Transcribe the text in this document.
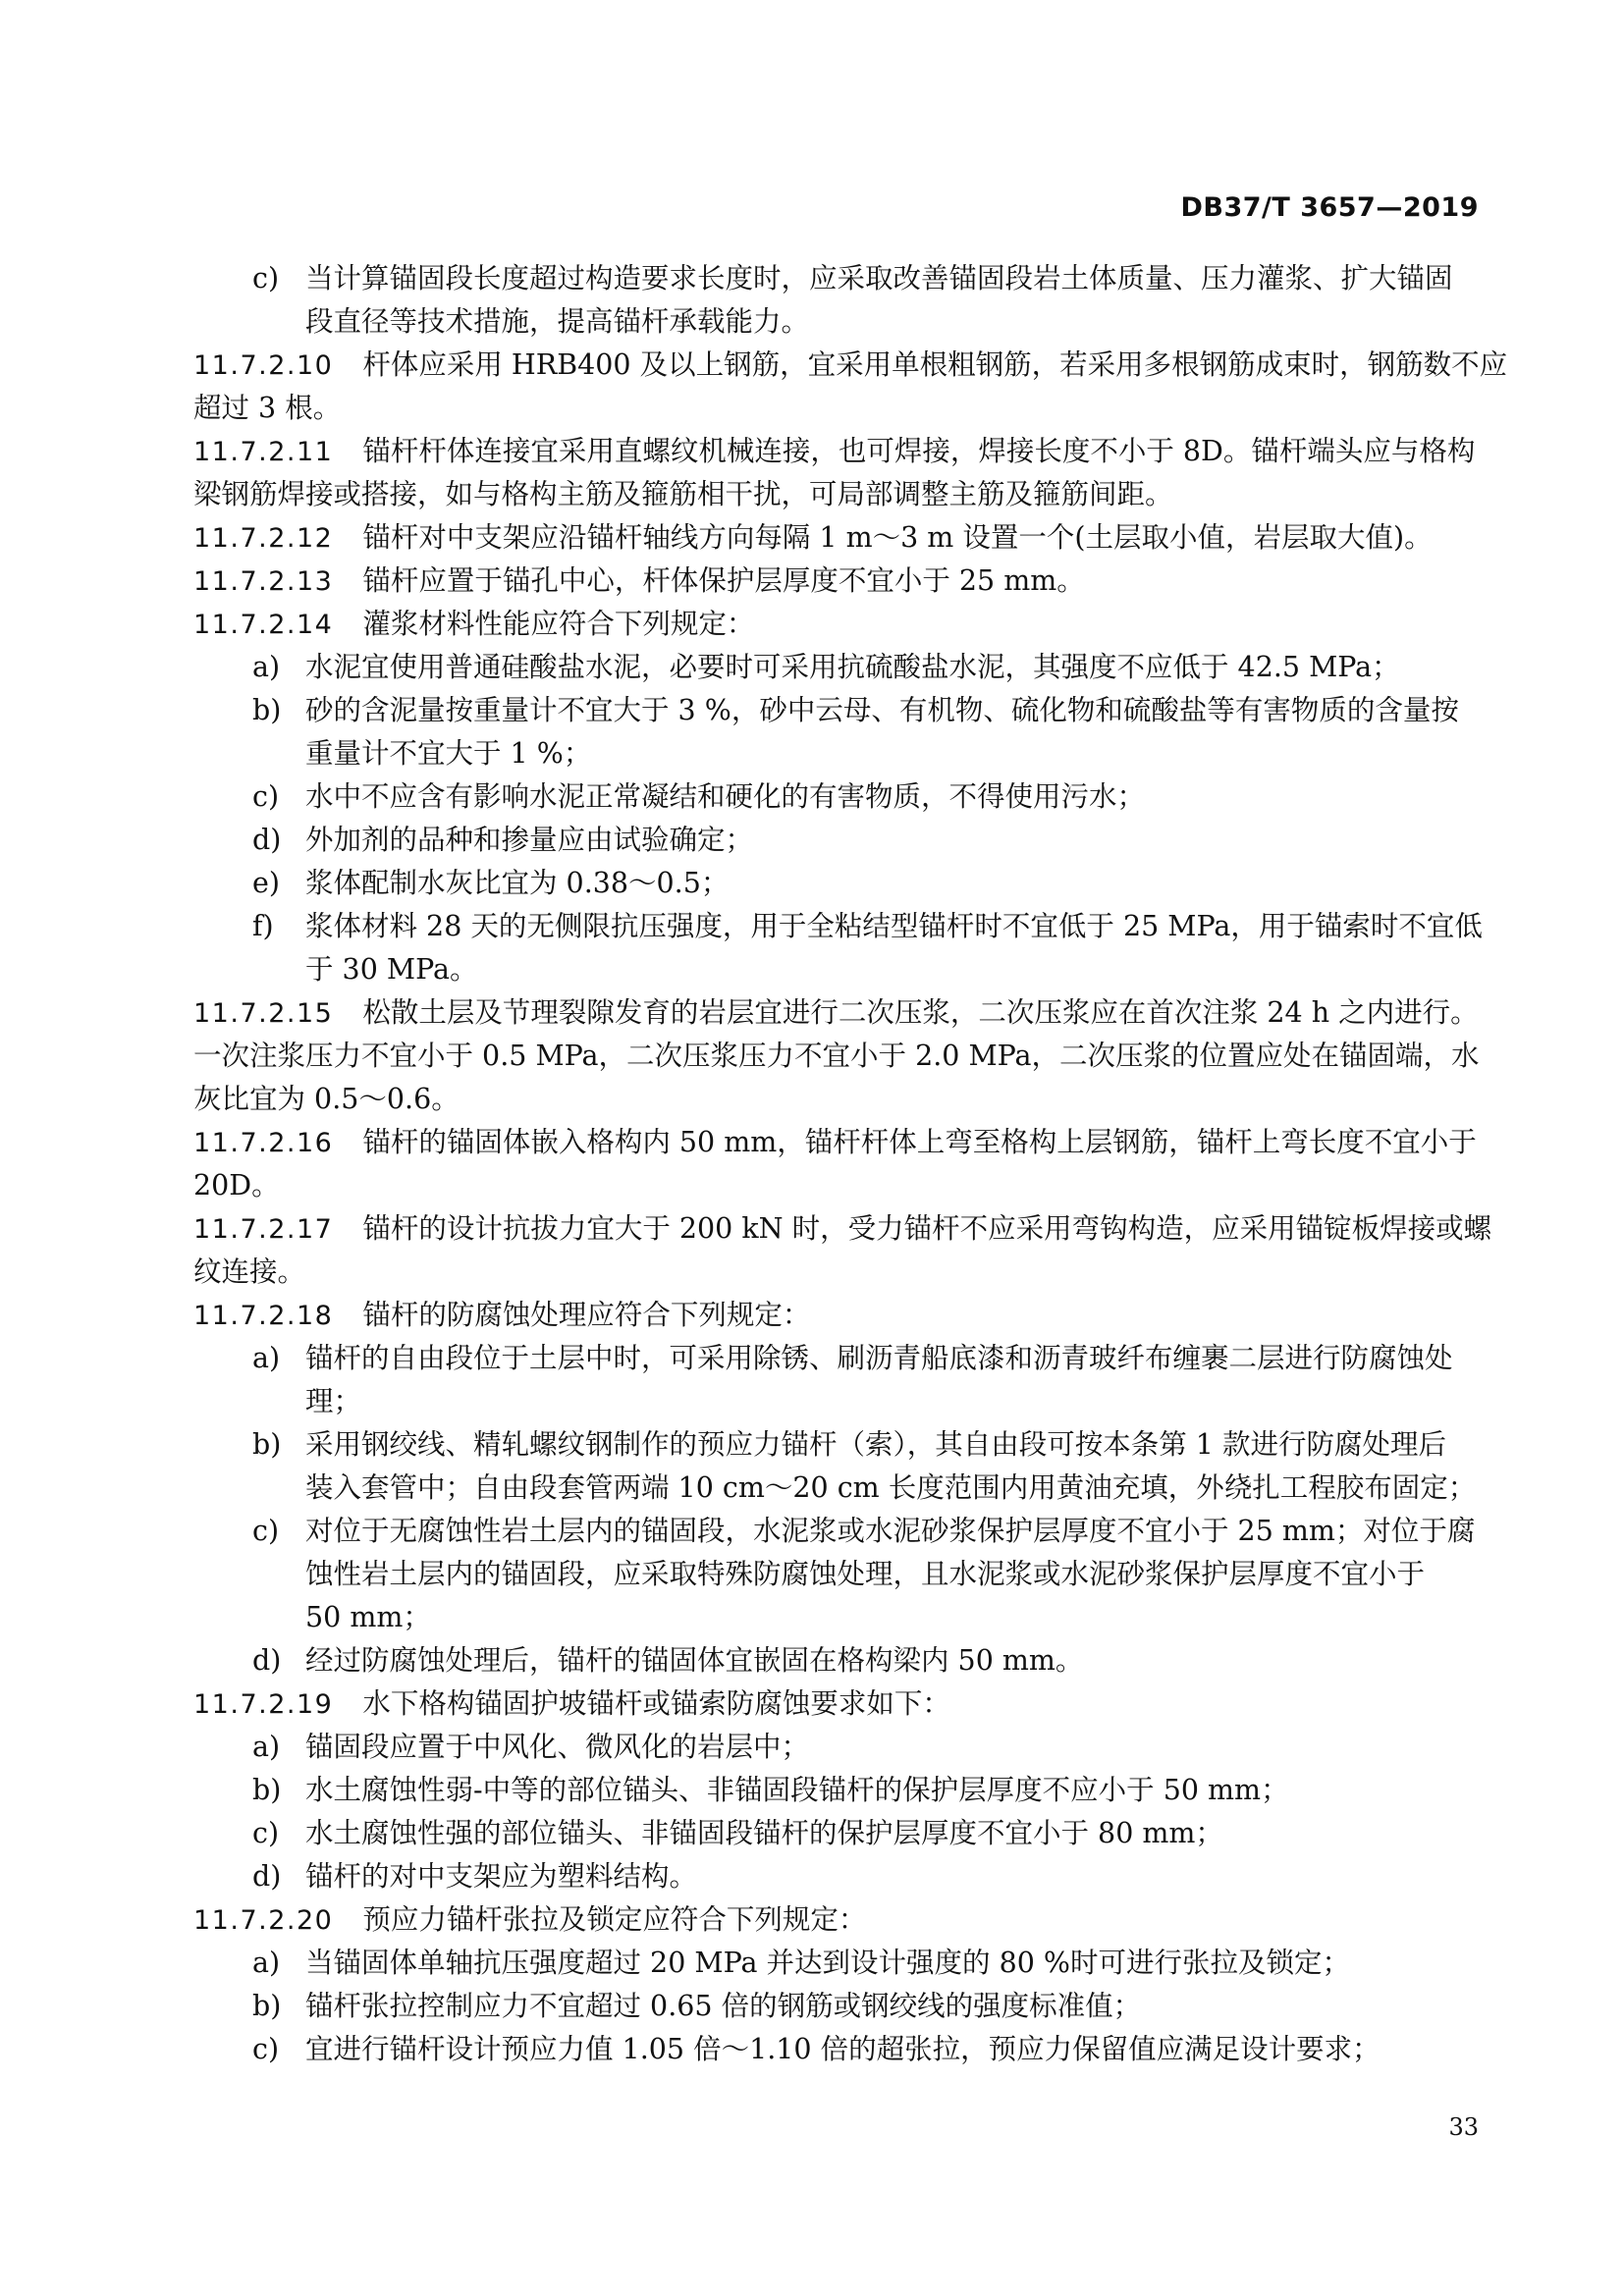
DB37/T 3657—2019
c) 当计算锚固段长度超过构造要求长度时，应采取改善锚固段岩土体质量、压力灌浆、扩大锚固
段直径等技术措施，提高锚杆承载能力。
11.7.2.10 杆体应采用 HRB400 及以上钢筋，宜采用单根粗钢筋，若采用多根钢筋成束时，钢筋数不应
超过 3 根。
11.7.2.11 锚杆杆体连接宜采用直螺纹机械连接，也可焊接，焊接长度不小于 8D。锚杆端头应与格构
梁钢筋焊接或搭接，如与格构主筋及箍筋相干扰，可局部调整主筋及箍筋间距。
11.7.2.12 锚杆对中支架应沿锚杆轴线方向每隔 1 m～3 m 设置一个(土层取小值，岩层取大值)。
11.7.2.13 锚杆应置于锚孔中心，杆体保护层厚度不宜小于 25 mm。
11.7.2.14 灌浆材料性能应符合下列规定：
a) 水泥宜使用普通硅酸盐水泥，必要时可采用抗硫酸盐水泥，其强度不应低于 42.5 MPa；
b) 砂的含泥量按重量计不宜大于 3 %，砂中云母、有机物、硫化物和硫酸盐等有害物质的含量按
重量计不宜大于 1 %；
c) 水中不应含有影响水泥正常凝结和硬化的有害物质，不得使用污水；
d) 外加剂的品种和掺量应由试验确定；
e) 浆体配制水灰比宜为 0.38～0.5；
f) 浆体材料 28 天的无侧限抗压强度，用于全粘结型锚杆时不宜低于 25 MPa，用于锚索时不宜低
于 30 MPa。
11.7.2.15 松散土层及节理裂隙发育的岩层宜进行二次压浆，二次压浆应在首次注浆 24 h 之内进行。
一次注浆压力不宜小于 0.5 MPa，二次压浆压力不宜小于 2.0 MPa，二次压浆的位置应处在锚固端，水
灰比宜为 0.5～0.6。
11.7.2.16 锚杆的锚固体嵌入格构内 50 mm，锚杆杆体上弯至格构上层钢筋，锚杆上弯长度不宜小于
20D。
11.7.2.17 锚杆的设计抗拔力宜大于 200 kN 时，受力锚杆不应采用弯钩构造，应采用锚锭板焊接或螺
纹连接。
11.7.2.18 锚杆的防腐蚀处理应符合下列规定：
a) 锚杆的自由段位于土层中时，可采用除锈、刷沥青船底漆和沥青玻纤布缠裹二层进行防腐蚀处
理；
b) 采用钢绞线、精轧螺纹钢制作的预应力锚杆（索），其自由段可按本条第 1 款进行防腐处理后
装入套管中；自由段套管两端 10 cm～20 cm 长度范围内用黄油充填，外绕扎工程胶布固定；
c) 对位于无腐蚀性岩土层内的锚固段，水泥浆或水泥砂浆保护层厚度不宜小于 25 mm；对位于腐
蚀性岩土层内的锚固段，应采取特殊防腐蚀处理，且水泥浆或水泥砂浆保护层厚度不宜小于
50 mm；
d) 经过防腐蚀处理后，锚杆的锚固体宜嵌固在格构梁内 50 mm。
11.7.2.19 水下格构锚固护坡锚杆或锚索防腐蚀要求如下：
a) 锚固段应置于中风化、微风化的岩层中；
b) 水土腐蚀性弱-中等的部位锚头、非锚固段锚杆的保护层厚度不应小于 50 mm；
c) 水土腐蚀性强的部位锚头、非锚固段锚杆的保护层厚度不宜小于 80 mm；
d) 锚杆的对中支架应为塑料结构。
11.7.2.20 预应力锚杆张拉及锁定应符合下列规定：
a) 当锚固体单轴抗压强度超过 20 MPa 并达到设计强度的 80 %时可进行张拉及锁定；
b) 锚杆张拉控制应力不宜超过 0.65 倍的钢筋或钢绞线的强度标准值；
c) 宜进行锚杆设计预应力值 1.05 倍～1.10 倍的超张拉，预应力保留值应满足设计要求；
33
